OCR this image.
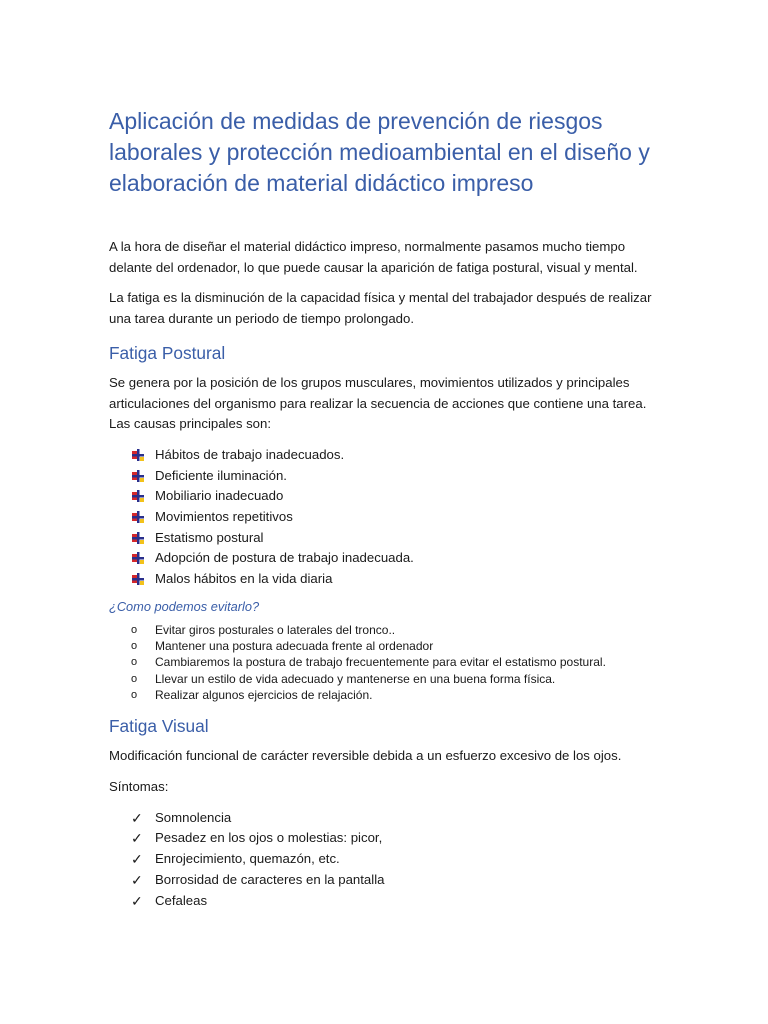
Aplicación de medidas de prevención de riesgos laborales y protección medioambiental en el diseño y elaboración de material didáctico impreso

A la hora de diseñar el material didáctico impreso, normalmente pasamos mucho tiempo delante del ordenador, lo que puede causar la aparición de fatiga postural, visual y mental.

La fatiga es la disminución de la capacidad física y mental del trabajador después de realizar una tarea durante un periodo de tiempo prolongado.

Fatiga Postural

Se genera por la posición de los grupos musculares, movimientos utilizados y principales articulaciones del organismo para realizar la secuencia de acciones que contiene una tarea. Las causas principales son:

Hábitos de trabajo inadecuados.
Deficiente iluminación.
Mobiliario inadecuado
Movimientos repetitivos
Estatismo postural
Adopción de postura de trabajo inadecuada.
Malos hábitos en la vida diaria
¿Como podemos evitarlo?
o Evitar giros posturales o laterales del tronco..
o Mantener una postura adecuada frente al ordenador
o Cambiaremos la postura de trabajo frecuentemente para evitar el estatismo postural.
o Llevar un estilo de vida adecuado y mantenerse en una buena forma física.
o Realizar algunos ejercicios de relajación.
Fatiga Visual

Modificación funcional de carácter reversible debida a un esfuerzo excesivo de los ojos.

Síntomas:

✓ Somnolencia
✓ Pesadez en los ojos o molestias: picor,
✓ Enrojecimiento, quemazón, etc.
✓ Borrosidad de caracteres en la pantalla
✓ Cefaleas
